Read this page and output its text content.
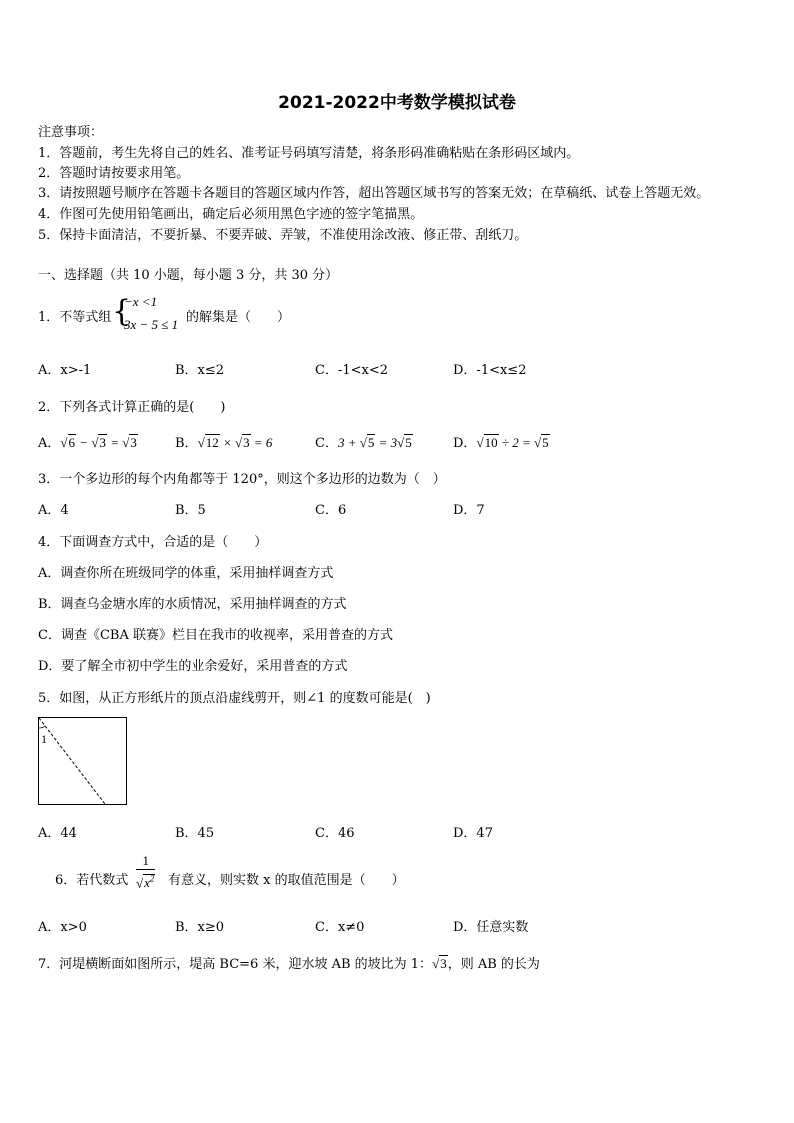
2021-2022中考数学模拟试卷
注意事项：
1．答题前，考生先将自己的姓名、准考证号码填写清楚，将条形码准确粘贴在条形码区域内。
2．答题时请按要求用笔。
3．请按照题号顺序在答题卡各题目的答题区域内作答，超出答题区域书写的答案无效；在草稿纸、试卷上答题无效。
4．作图可先使用铅笔画出，确定后必须用黑色字迹的签字笔描黑。
5．保持卡面清洁，不要折暴、不要弄破、弄皱，不准使用涂改液、修正带、刮纸刀。
一、选择题（共 10 小题，每小题 3 分，共 30 分）
1．不等式组 {
−x <1
3x − 5 ≤ 1 的解集是（　　）
A．x>-1	B．x≤2	C．-1<x<2	D．-1<x≤2
2．下列各式计算正确的是(　　)
A．√6 − √3 = √3	B．√12 × √3 = 6	C．3 + √5 = 3√5	D．√10 ÷ 2 = √5
3．一个多边形的每个内角都等于 120°，则这个多边形的边数为（　）
A．4	B．5	C．6	D．7
4．下面调查方式中，合适的是（　　）
A．调查你所在班级同学的体重，采用抽样调查方式
B．调查乌金塘水库的水质情况，采用抽样调查的方式
C．调查《CBA 联赛》栏目在我市的收视率，采用普查的方式
D．要了解全市初中学生的业余爱好，采用普查的方式
5．如图，从正方形纸片的顶点沿虚线剪开，则∠1 的度数可能是(　)
1
A．44	B．45	C．46	D．47
6．若代数式 $\frac{1}{√x^2}$ 有意义，则实数 x 的取值范围是（　　）
A．x>0	B．x≥0	C．x≠0	D．任意实数
7．河堤横断面如图所示，堤高 BC=6 米，迎水坡 AB 的坡比为 1：√3，则 AB 的长为
